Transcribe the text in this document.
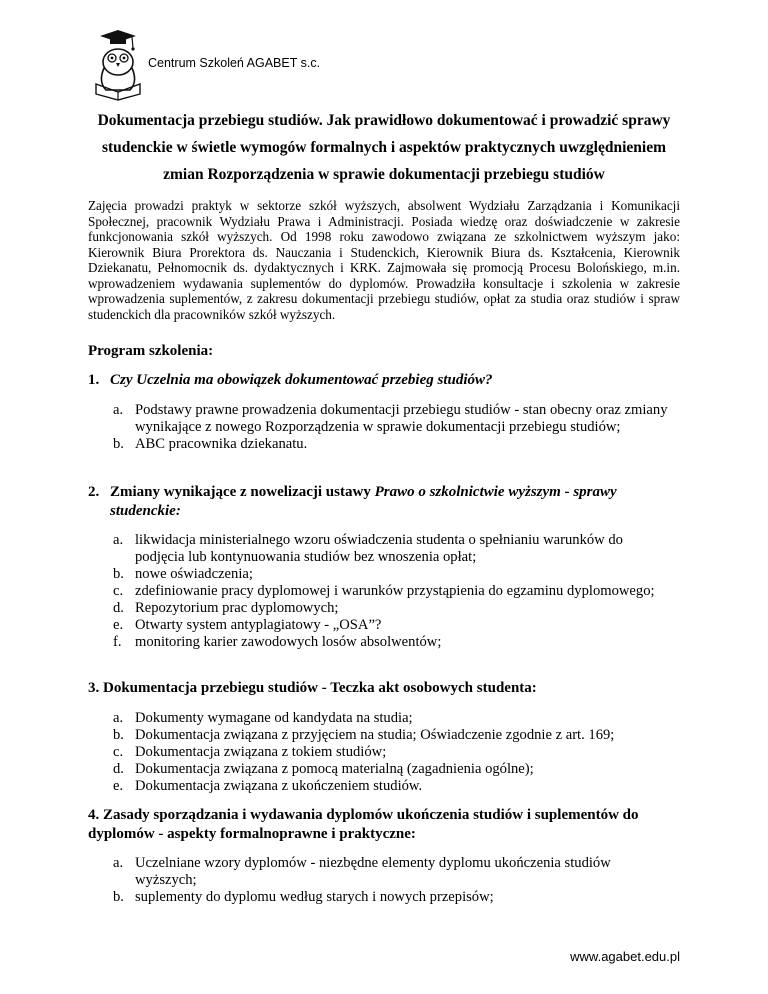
Centrum Szkoleń AGABET s.c.
Dokumentacja przebiegu studiów. Jak prawidłowo dokumentować i prowadzić sprawy
studenckie w świetle wymogów formalnych i aspektów praktycznych uwzględnieniem
zmian Rozporządzenia w sprawie dokumentacji przebiegu studiów
Zajęcia prowadzi praktyk w sektorze szkół wyższych, absolwent Wydziału Zarządzania i Komunikacji Społecznej, pracownik Wydziału Prawa i Administracji. Posiada wiedzę oraz doświadczenie w zakresie funkcjonowania szkół wyższych. Od 1998 roku zawodowo związana ze szkolnictwem wyższym jako: Kierownik Biura Prorektora ds. Nauczania i Studenckich, Kierownik Biura ds. Kształcenia, Kierownik Dziekanatu, Pełnomocnik ds. dydaktycznych i KRK. Zajmowała się promocją Procesu Bolońskiego, m.in. wprowadzeniem wydawania suplementów do dyplomów. Prowadziła konsultacje i szkolenia w zakresie wprowadzenia suplementów, z zakresu dokumentacji przebiegu studiów, opłat za studia oraz studiów i spraw studenckich dla pracowników szkół wyższych.
Program szkolenia:
1. Czy Uczelnia ma obowiązek dokumentować przebieg studiów?
a. Podstawy prawne prowadzenia dokumentacji przebiegu studiów - stan obecny oraz zmiany wynikające z nowego Rozporządzenia w sprawie dokumentacji przebiegu studiów;
b. ABC pracownika dziekanatu.
2. Zmiany wynikające z nowelizacji ustawy Prawo o szkolnictwie wyższym - sprawy
studenckie:
a. likwidacja ministerialnego wzoru oświadczenia studenta o spełnianiu warunków do podjęcia lub kontynuowania studiów bez wnoszenia opłat;
b. nowe oświadczenia;
c. zdefiniowanie pracy dyplomowej i warunków przystąpienia do egzaminu dyplomowego;
d. Repozytorium prac dyplomowych;
e. Otwarty system antyplagiatowy - „OSA”?
f. monitoring karier zawodowych losów absolwentów;
3. Dokumentacja przebiegu studiów - Teczka akt osobowych studenta:
a. Dokumenty wymagane od kandydata na studia;
b. Dokumentacja związana z przyjęciem na studia; Oświadczenie zgodnie z art. 169;
c. Dokumentacja związana z tokiem studiów;
d. Dokumentacja związana z pomocą materialną (zagadnienia ogólne);
e. Dokumentacja związana z ukończeniem studiów.
4. Zasady sporządzania i wydawania dyplomów ukończenia studiów i suplementów do
dyplomów - aspekty formalnoprawne i praktyczne:
a. Uczelniane wzory dyplomów - niezbędne elementy dyplomu ukończenia studiów wyższych;
b. suplementy do dyplomu według starych i nowych przepisów;
www.agabet.edu.pl
